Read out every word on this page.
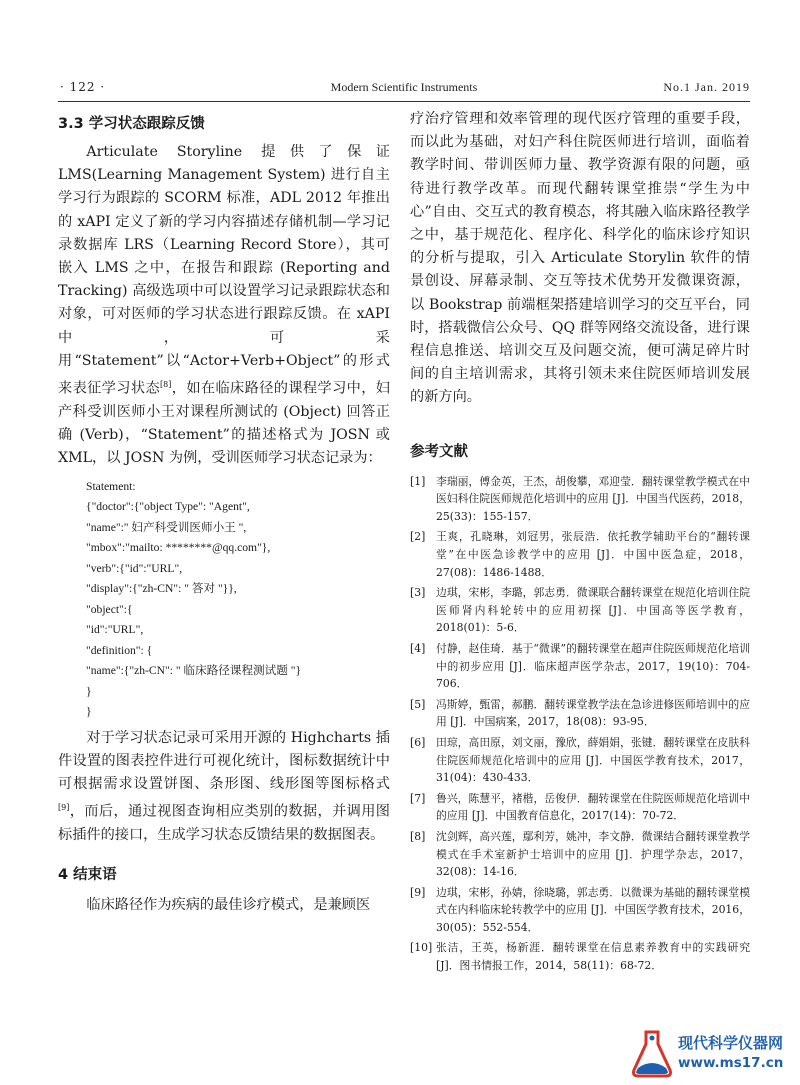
· 122 ·	Modern Scientific Instruments	No.1 Jan. 2019
3.3 学习状态跟踪反馈

Articulate Storyline 提供了保证 LMS(Learning Management System) 进行自主学习行为跟踪的 SCORM 标准，ADL 2012 年推出的 xAPI 定义了新的学习内容描述存储机制—学习记录数据库 LRS（Learning Record Store），其可嵌入 LMS 之中，在报告和跟踪 (Reporting and Tracking) 高级选项中可以设置学习记录跟踪状态和对象，可对医师的学习状态进行跟踪反馈。在 xAPI 中，可采用“Statement”以“Actor+Verb+Object”的形式来表征学习状态[8]，如在临床路径的课程学习中，妇产科受训医师小王对课程所测试的 (Object) 回答正确 (Verb)，“Statement”的描述格式为 JOSN 或 XML，以 JOSN 为例，受训医师学习状态记录为：

Statement:
{"doctor":{"object Type": "Agent",
"name":" 妇产科受训医师小王 ",
"mbox":"mailto: ********@qq.com"},
"verb":{"id":"URL",
"display":{"zh-CN": " 答对 "}},
"object":{
"id":"URL",
"definition": {
"name":{"zh-CN": " 临床路径课程测试题 "}
}
}

对于学习状态记录可采用开源的 Highcharts 插件设置的图表控件进行可视化统计，图标数据统计中可根据需求设置饼图、条形图、线形图等图标格式[9]，而后，通过视图查询相应类别的数据，并调用图标插件的接口，生成学习状态反馈结果的数据图表。

4 结束语

临床路径作为疾病的最佳诊疗模式，是兼顾医

疗治疗管理和效率管理的现代医疗管理的重要手段，而以此为基础，对妇产科住院医师进行培训，面临着教学时间、带训医师力量、教学资源有限的问题，亟待进行教学改革。而现代翻转课堂推崇“学生为中心”自由、交互式的教育模态，将其融入临床路径教学之中，基于规范化、程序化、科学化的临床诊疗知识的分析与提取，引入 Articulate Storylin 软件的情景创设、屏幕录制、交互等技术优势开发微课资源，以 Bookstrap 前端框架搭建培训学习的交互平台，同时，搭载微信公众号、QQ 群等网络交流设备，进行课程信息推送、培训交互及问题交流，便可满足碎片时间的自主培训需求，其将引领未来住院医师培训发展的新方向。

参考文献
[1] 李瑞丽，傅金英，王杰，胡俊攀，邓迎莹．翻转课堂教学模式在中医妇科住院医师规范化培训中的应用 [J]．中国当代医药，2018，25(33)：155-157．
[2] 王爽，孔晓琳，刘冠男，张辰浩．依托教学辅助平台的“翻转课堂”在中医急诊教学中的应用 [J]．中国中医急症，2018，27(08)：1486-1488．
[3] 边琪，宋彬，李璐，郭志勇．微课联合翻转课堂在规范化培训住院医师肾内科轮转中的应用初探 [J]．中国高等医学教育，2018(01)：5-6．
[4] 付静，赵佳琦．基于“微课”的翻转课堂在超声住院医师规范化培训中的初步应用 [J]．临床超声医学杂志，2017，19(10)：704-706．
[5] 冯斯婷，甄雷，郝鹏．翻转课堂教学法在急诊进修医师培训中的应用 [J]．中国病案，2017，18(08)：93-95．
[6] 田琼，高田原，刘文丽，豫欣，薛娟娟，张键．翻转课堂在皮肤科住院医师规范化培训中的应用 [J]．中国医学教育技术，2017，31(04)：430-433．
[7] 鲁兴，陈慧平，褚楷，岳俊伊．翻转课堂在住院医师规范化培训中的应用 [J]．中国教育信息化，2017(14)：70-72．
[8] 沈剑辉，高兴莲，鄢利芳，姚冲，李文静．微课结合翻转课堂教学模式在手术室新护士培训中的应用 [J]．护理学杂志，2017，32(08)：14-16．
[9] 边琪，宋彬，孙婧，徐晓璐，郭志勇．以微课为基础的翻转课堂模式在内科临床轮转教学中的应用 [J]．中国医学教育技术，2016，30(05)：552-554．
[10] 张洁，王英，杨新涯．翻转课堂在信息素养教育中的实践研究 [J]．图书情报工作，2014，58(11)：68-72．
现代科学仪器网
www.ms17.cn
